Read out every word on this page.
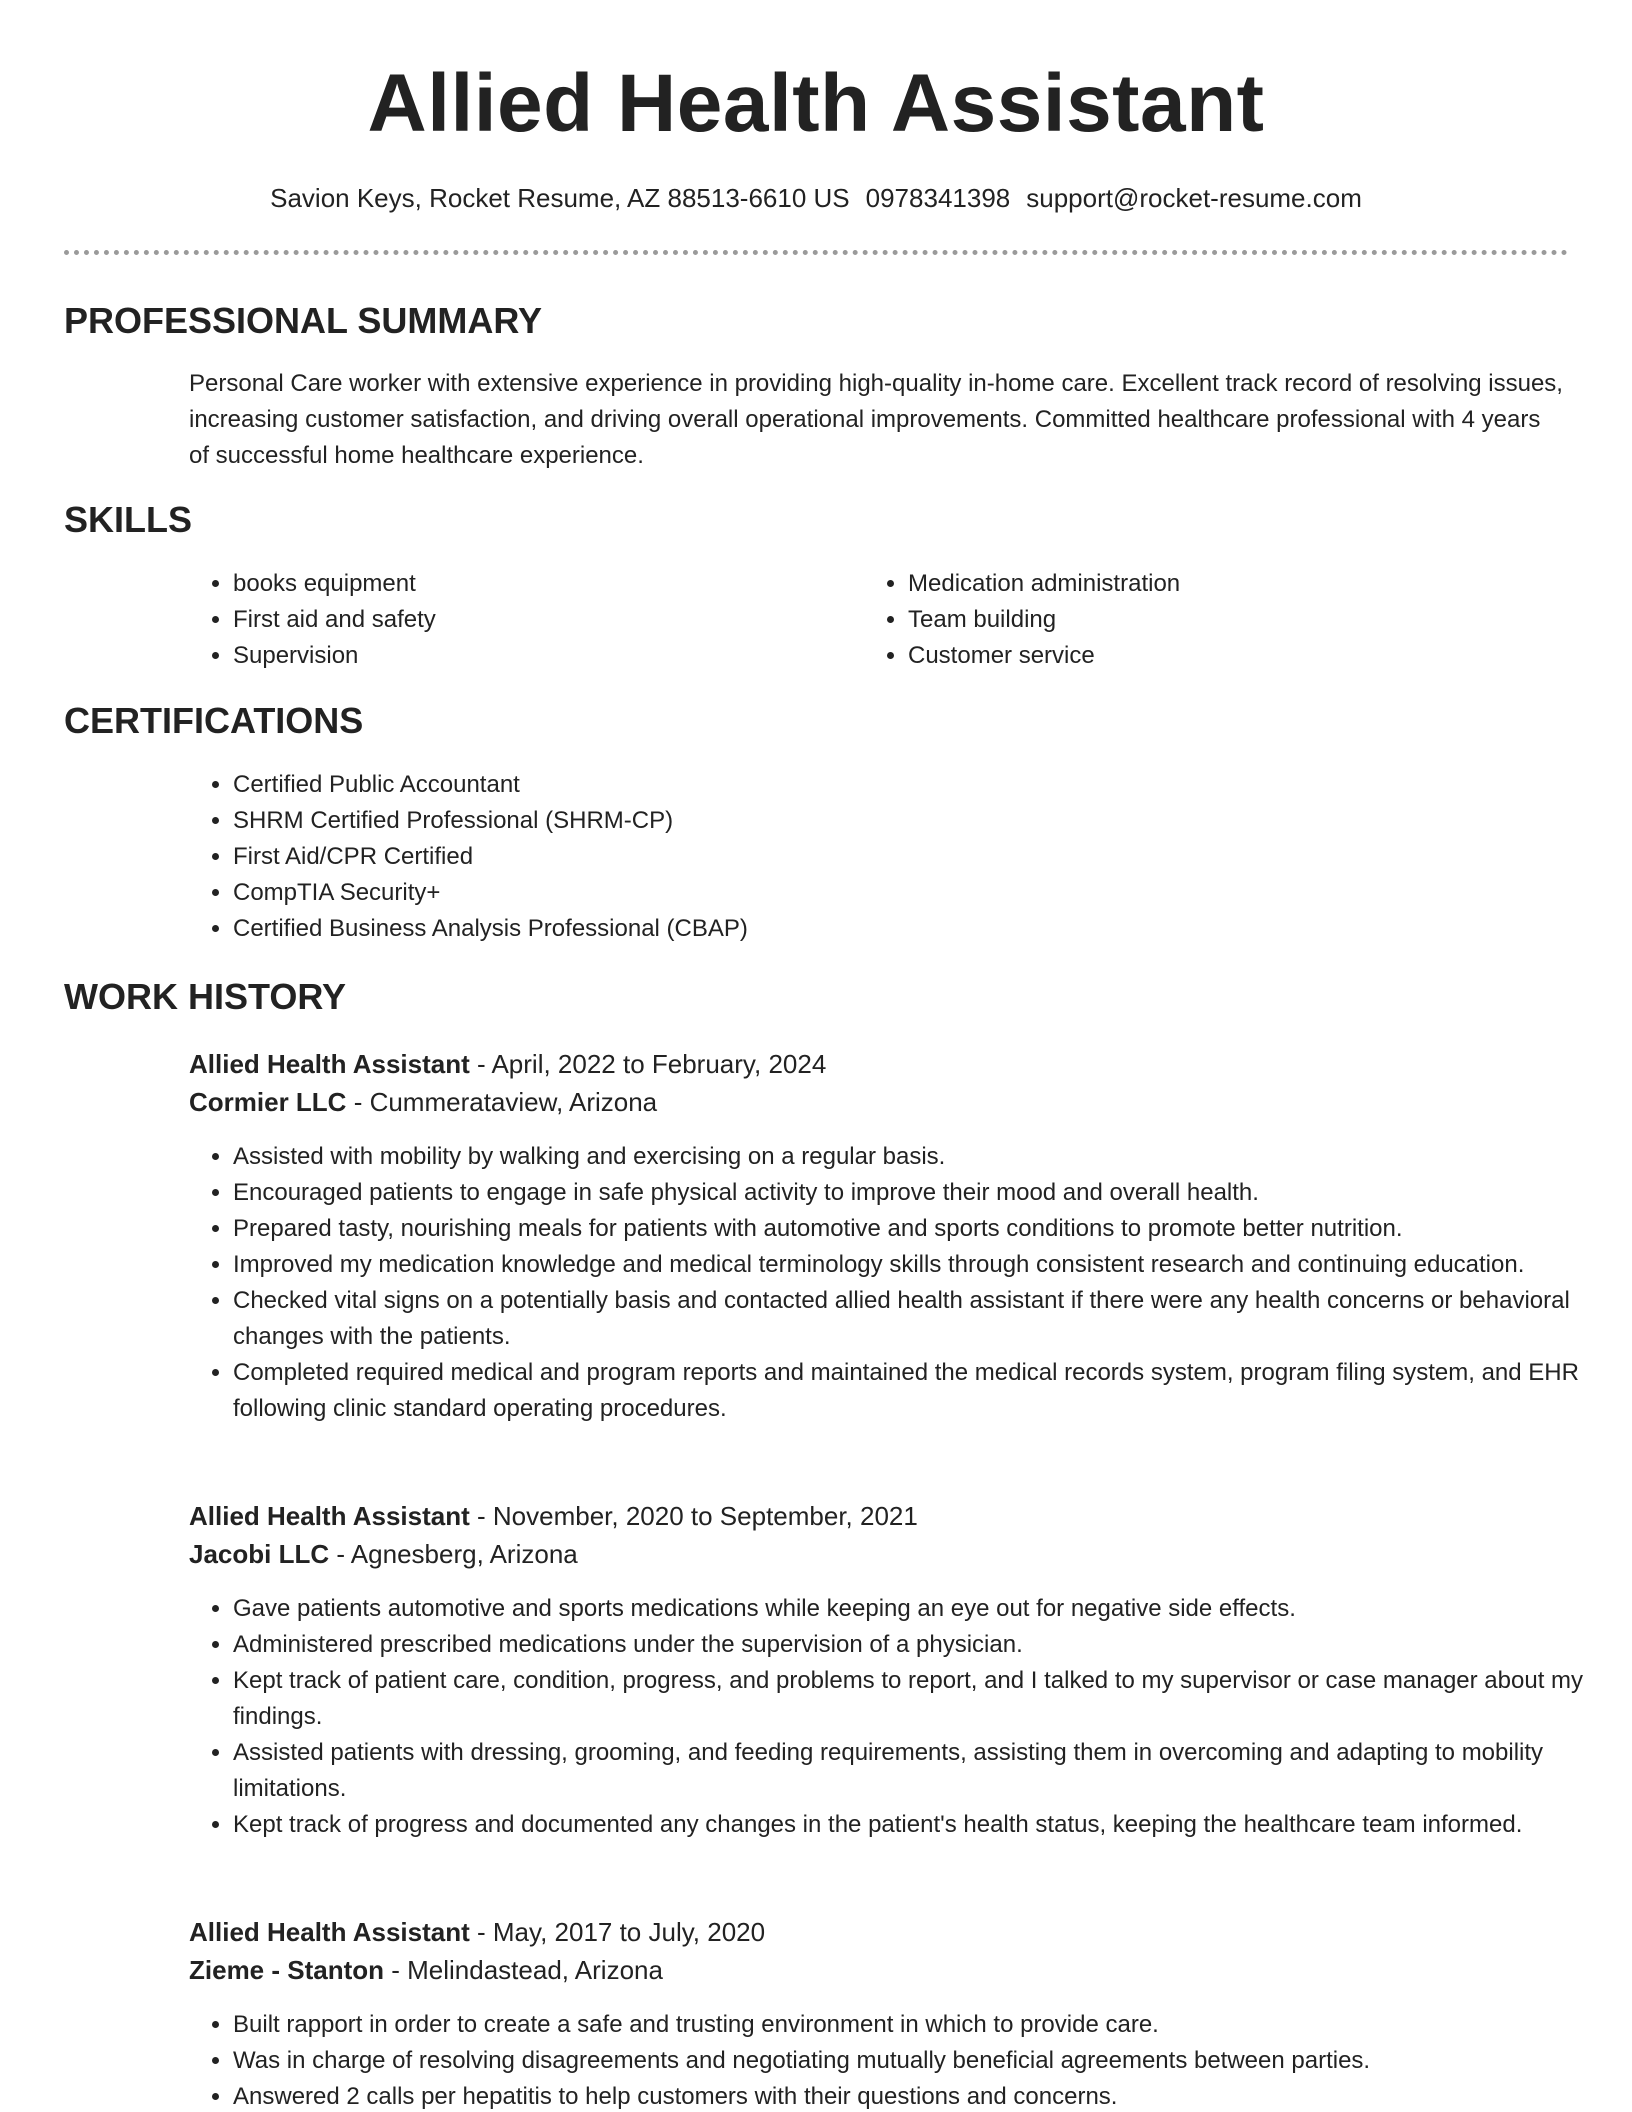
Allied Health Assistant
Savion Keys, Rocket Resume, AZ 88513-6610 US 0978341398 support@rocket-resume.com
PROFESSIONAL SUMMARY
Personal Care worker with extensive experience in providing high-quality in-home care. Excellent track record of resolving issues, increasing customer satisfaction, and driving overall operational improvements. Committed healthcare professional with 4 years of successful home healthcare experience.
SKILLS
• books equipment
• First aid and safety
• Supervision
• Medication administration
• Team building
• Customer service
CERTIFICATIONS
• Certified Public Accountant
• SHRM Certified Professional (SHRM-CP)
• First Aid/CPR Certified
• CompTIA Security+
• Certified Business Analysis Professional (CBAP)
WORK HISTORY
Allied Health Assistant - April, 2022 to February, 2024
Cormier LLC - Cummerataview, Arizona
• Assisted with mobility by walking and exercising on a regular basis.
• Encouraged patients to engage in safe physical activity to improve their mood and overall health.
• Prepared tasty, nourishing meals for patients with automotive and sports conditions to promote better nutrition.
• Improved my medication knowledge and medical terminology skills through consistent research and continuing education.
• Checked vital signs on a potentially basis and contacted allied health assistant if there were any health concerns or behavioral changes with the patients.
• Completed required medical and program reports and maintained the medical records system, program filing system, and EHR following clinic standard operating procedures.
Allied Health Assistant - November, 2020 to September, 2021
Jacobi LLC - Agnesberg, Arizona
• Gave patients automotive and sports medications while keeping an eye out for negative side effects.
• Administered prescribed medications under the supervision of a physician.
• Kept track of patient care, condition, progress, and problems to report, and I talked to my supervisor or case manager about my findings.
• Assisted patients with dressing, grooming, and feeding requirements, assisting them in overcoming and adapting to mobility limitations.
• Kept track of progress and documented any changes in the patient's health status, keeping the healthcare team informed.
Allied Health Assistant - May, 2017 to July, 2020
Zieme - Stanton - Melindastead, Arizona
• Built rapport in order to create a safe and trusting environment in which to provide care.
• Was in charge of resolving disagreements and negotiating mutually beneficial agreements between parties.
• Answered 2 calls per hepatitis to help customers with their questions and concerns.
